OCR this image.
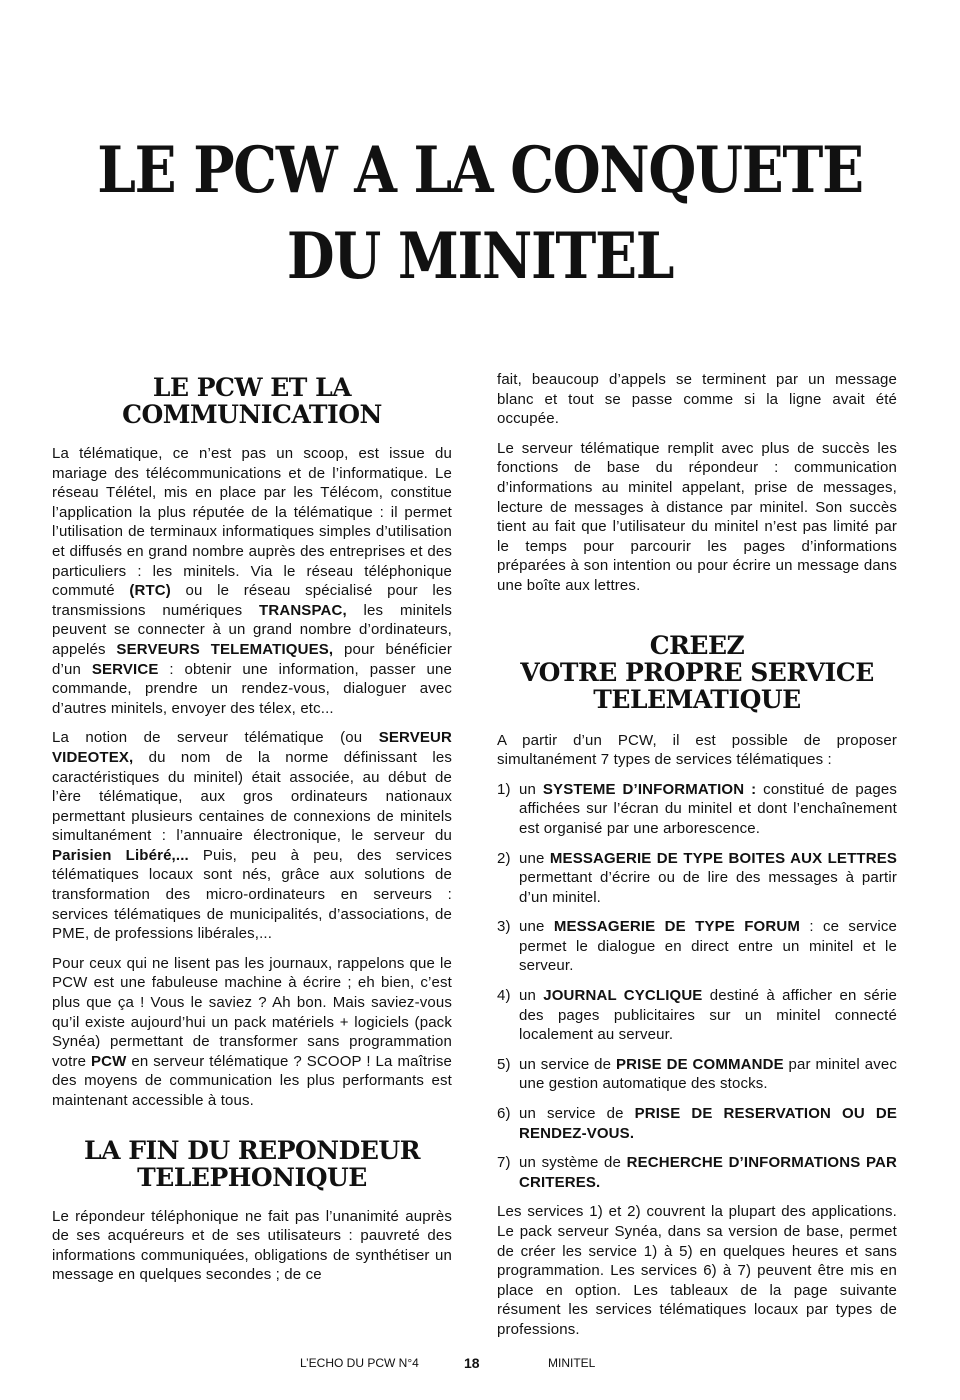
LE PCW A LA CONQUETE
DU MINITEL
LE PCW ET LA
COMMUNICATION

La télématique, ce n’est pas un scoop, est issue du mariage des télécommunications et de l’informatique. Le réseau Télétel, mis en place par les Télécom, constitue l’application la plus réputée de la télématique : il permet l’utilisation de terminaux informatiques simples d’utilisation et diffusés en grand nombre auprès des entreprises et des particuliers : les minitels. Via le réseau téléphonique commuté (RTC) ou le réseau spécialisé pour les transmissions numériques TRANSPAC, les minitels peuvent se connecter à un grand nombre d’ordinateurs, appelés SERVEURS TELEMATIQUES, pour bénéficier d’un SERVICE : obtenir une information, passer une commande, prendre un rendez-vous, dialoguer avec d’autres minitels, envoyer des télex, etc...

La notion de serveur télématique (ou SERVEUR VIDEOTEX, du nom de la norme définissant les caractéristiques du minitel) était associée, au début de l’ère télématique, aux gros ordinateurs nationaux permettant plusieurs centaines de connexions de minitels simultanément : l’annuaire électronique, le serveur du Parisien Libéré,... Puis, peu à peu, des services télématiques locaux sont nés, grâce aux solutions de transformation des micro-ordinateurs en serveurs : services télématiques de municipalités, d’associations, de PME, de professions libérales,...

Pour ceux qui ne lisent pas les journaux, rappelons que le PCW est une fabuleuse machine à écrire ; eh bien, c’est plus que ça ! Vous le saviez ? Ah bon. Mais saviez-vous qu’il existe aujourd’hui un pack matériels + logiciels (pack Synéa) permettant de transformer sans programmation votre PCW en serveur télématique ? SCOOP ! La maîtrise des moyens de communication les plus performants est maintenant accessible à tous.

LA FIN DU REPONDEUR
TELEPHONIQUE

Le répondeur téléphonique ne fait pas l’unanimité auprès de ses acquéreurs et de ses utilisateurs : pauvreté des informations communiquées, obligations de synthétiser un message en quelques secondes ; de ce

fait, beaucoup d’appels se terminent par un message blanc et tout se passe comme si la ligne avait été occupée.

Le serveur télématique remplit avec plus de succès les fonctions de base du répondeur : communication d’informations au minitel appelant, prise de messages, lecture de messages à distance par minitel. Son succès tient au fait que l’utilisateur du minitel n’est pas limité par le temps pour parcourir les pages d’informations préparées à son intention ou pour écrire un message dans une boîte aux lettres.

CREEZ
VOTRE PROPRE SERVICE
TELEMATIQUE

A partir d’un PCW, il est possible de proposer simultanément 7 types de services télématiques :

1) un SYSTEME D’INFORMATION : constitué de pages affichées sur l’écran du minitel et dont l’enchaînement est organisé par une arborescence.
2) une MESSAGERIE DE TYPE BOITES AUX LETTRES permettant d’écrire ou de lire des messages à partir d’un minitel.
3) une MESSAGERIE DE TYPE FORUM : ce service permet le dialogue en direct entre un minitel et le serveur.
4) un JOURNAL CYCLIQUE destiné à afficher en série des pages publicitaires sur un minitel connecté localement au serveur.
5) un service de PRISE DE COMMANDE par minitel avec une gestion automatique des stocks.
6) un service de PRISE DE RESERVATION OU DE RENDEZ-VOUS.
7) un système de RECHERCHE D’INFORMATIONS PAR CRITERES.

Les services 1) et 2) couvrent la plupart des applications. Le pack serveur Synéa, dans sa version de base, permet de créer les service 1) à 5) en quelques heures et sans programmation. Les services 6) à 7) peuvent être mis en place en option. Les tableaux de la page suivante résument les services télématiques locaux par types de professions.

L’ECHO DU PCW N°4	18	MINITEL
